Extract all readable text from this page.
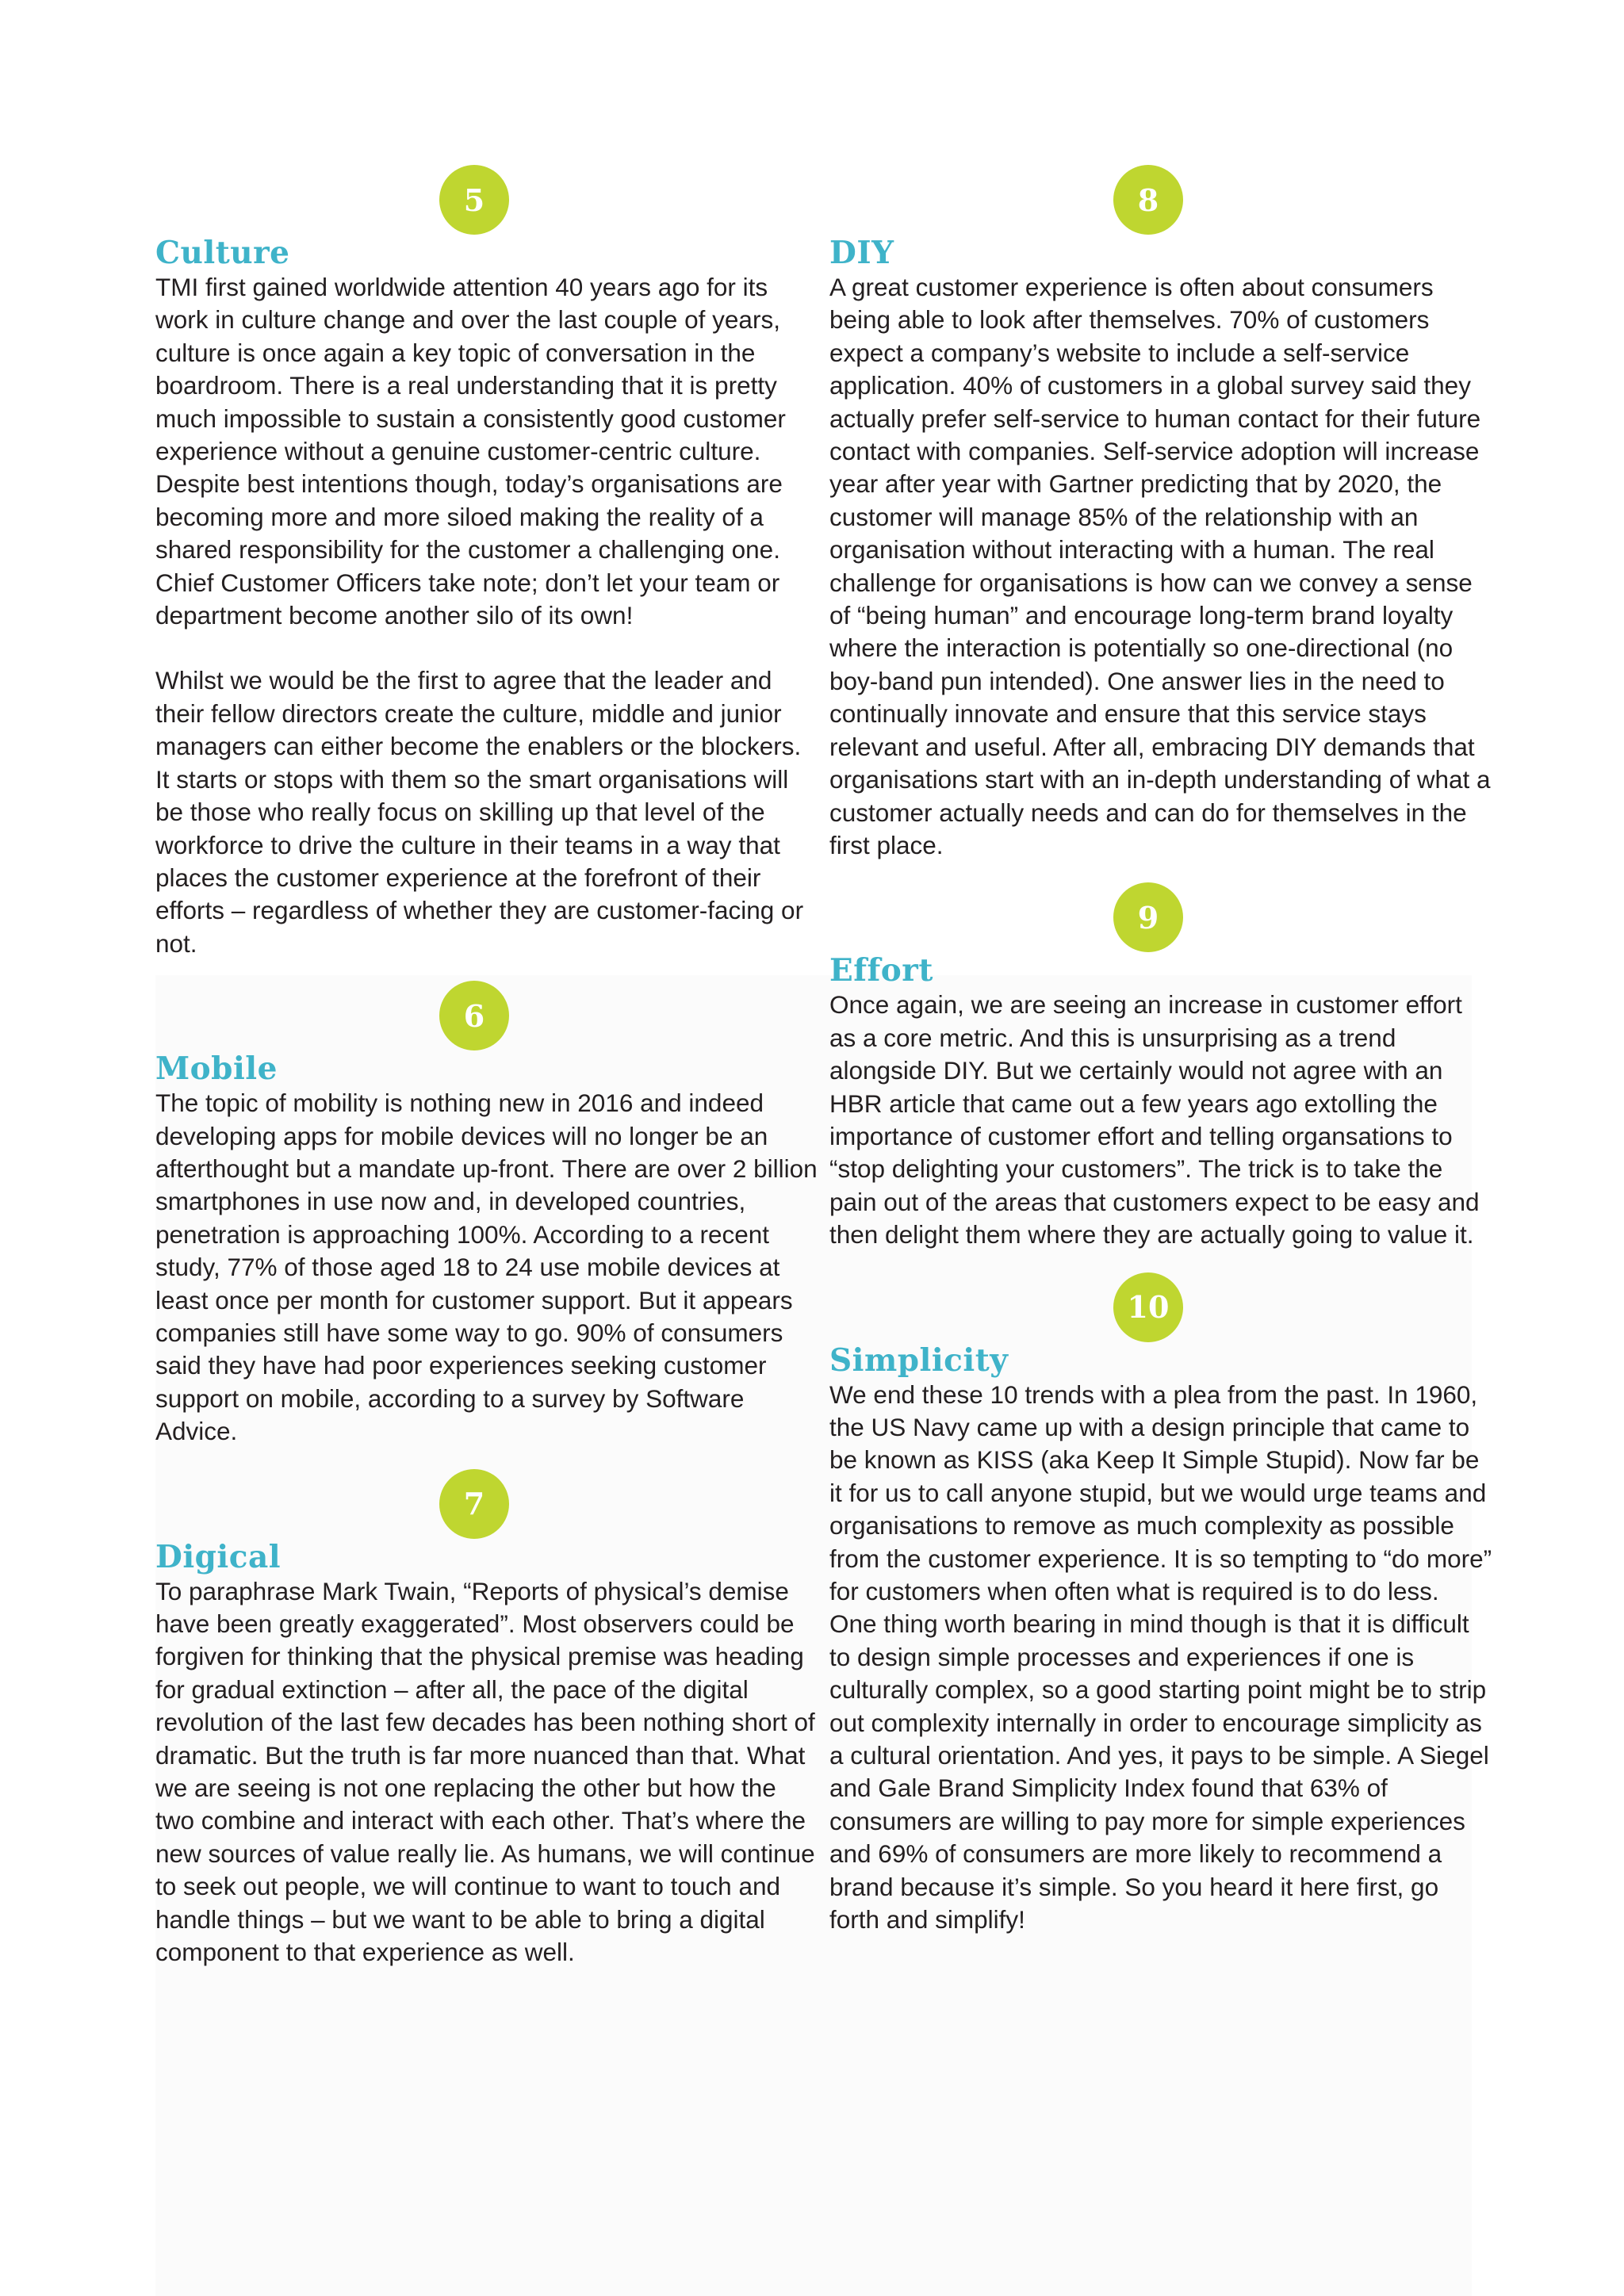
5
Culture

TMI first gained worldwide attention 40 years ago for its work in culture change and over the last couple of years, culture is once again a key topic of conversation in the boardroom. There is a real understanding that it is pretty much impossible to sustain a consistently good customer experience without a genuine customer-centric culture. Despite best intentions though, today’s organisations are becoming more and more siloed making the reality of a shared responsibility for the customer a challenging one. Chief Customer Officers take note; don’t let your team or department become another silo of its own!

Whilst we would be the first to agree that the leader and their fellow directors create the culture, middle and junior managers can either become the enablers or the blockers. It starts or stops with them so the smart organisations will be those who really focus on skilling up that level of the workforce to drive the culture in their teams in a way that places the customer experience at the forefront of their efforts – regardless of whether they are customer-facing or not.

6
Mobile

The topic of mobility is nothing new in 2016 and indeed developing apps for mobile devices will no longer be an afterthought but a mandate up-front. There are over 2 billion smartphones in use now and, in developed countries, penetration is approaching 100%. According to a recent study, 77% of those aged 18 to 24 use mobile devices at least once per month for customer support. But it appears companies still have some way to go. 90% of consumers said they have had poor experiences seeking customer support on mobile, according to a survey by Software Advice.

7
Digical

To paraphrase Mark Twain, “Reports of physical’s demise have been greatly exaggerated”. Most observers could be forgiven for thinking that the physical premise was heading for gradual extinction – after all, the pace of the digital revolution of the last few decades has been nothing short of dramatic. But the truth is far more nuanced than that. What we are seeing is not one replacing the other but how the two combine and interact with each other. That’s where the new sources of value really lie. As humans, we will continue to seek out people, we will continue to want to touch and handle things – but we want to be able to bring a digital component to that experience as well.

8
DIY

A great customer experience is often about consumers being able to look after themselves. 70% of customers expect a company’s website to include a self-service application. 40% of customers in a global survey said they actually prefer self-service to human contact for their future contact with companies. Self-service adoption will increase year after year with Gartner predicting that by 2020, the customer will manage 85% of the relationship with an organisation without interacting with a human. The real challenge for organisations is how can we convey a sense of “being human” and encourage long-term brand loyalty where the interaction is potentially so one-directional (no boy-band pun intended). One answer lies in the need to continually innovate and ensure that this service stays relevant and useful. After all, embracing DIY demands that organisations start with an in-depth understanding of what a customer actually needs and can do for themselves in the first place.

9
Effort

Once again, we are seeing an increase in customer effort as a core metric. And this is unsurprising as a trend alongside DIY. But we certainly would not agree with an HBR article that came out a few years ago extolling the importance of customer effort and telling organsations to “stop delighting your customers”. The trick is to take the pain out of the areas that customers expect to be easy and then delight them where they are actually going to value it.

10
Simplicity

We end these 10 trends with a plea from the past. In 1960, the US Navy came up with a design principle that came to be known as KISS (aka Keep It Simple Stupid). Now far be it for us to call anyone stupid, but we would urge teams and organisations to remove as much complexity as possible from the customer experience. It is so tempting to “do more” for customers when often what is required is to do less. One thing worth bearing in mind though is that it is difficult to design simple processes and experiences if one is culturally complex, so a good starting point might be to strip out complexity internally in order to encourage simplicity as a cultural orientation. And yes, it pays to be simple. A Siegel and Gale Brand Simplicity Index found that 63% of consumers are willing to pay more for simple experiences and 69% of consumers are more likely to recommend a brand because it’s simple. So you heard it here first, go forth and simplify!
